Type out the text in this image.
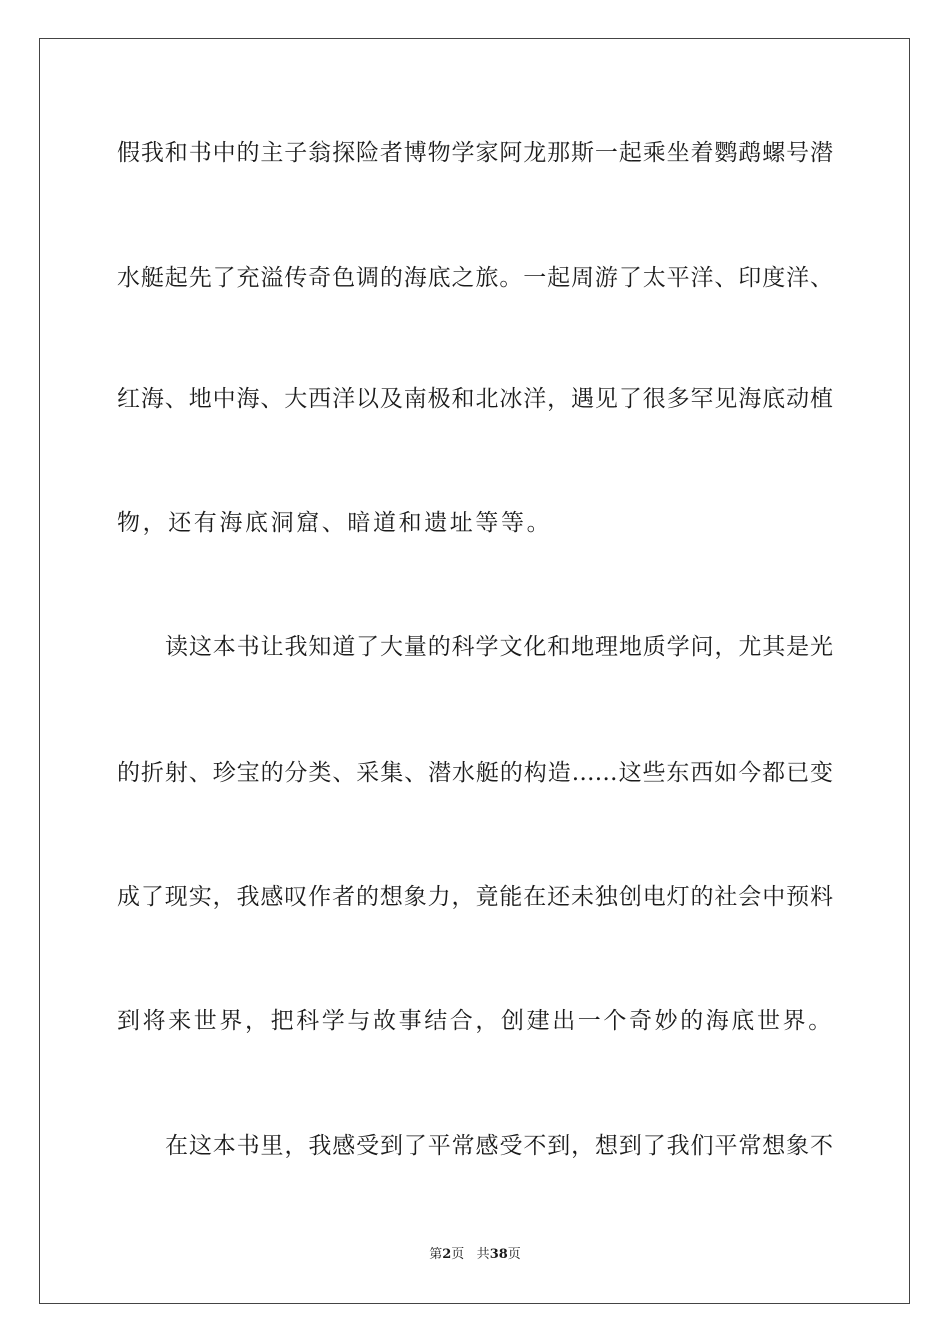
假我和书中的主子翁探险者博物学家阿龙那斯一起乘坐着鹦鹉螺号潜
水艇起先了充溢传奇色调的海底之旅。一起周游了太平洋、印度洋、
红海、地中海、大西洋以及南极和北冰洋，遇见了很多罕见海底动植
物，还有海底洞窟、暗道和遗址等等。
读这本书让我知道了大量的科学文化和地理地质学问，尤其是光
的折射、珍宝的分类、采集、潜水艇的构造……这些东西如今都已变
成了现实，我感叹作者的想象力，竟能在还未独创电灯的社会中预料
到将来世界，把科学与故事结合，创建出一个奇妙的海底世界。
在这本书里，我感受到了平常感受不到，想到了我们平常想象不
第2页 共38页
